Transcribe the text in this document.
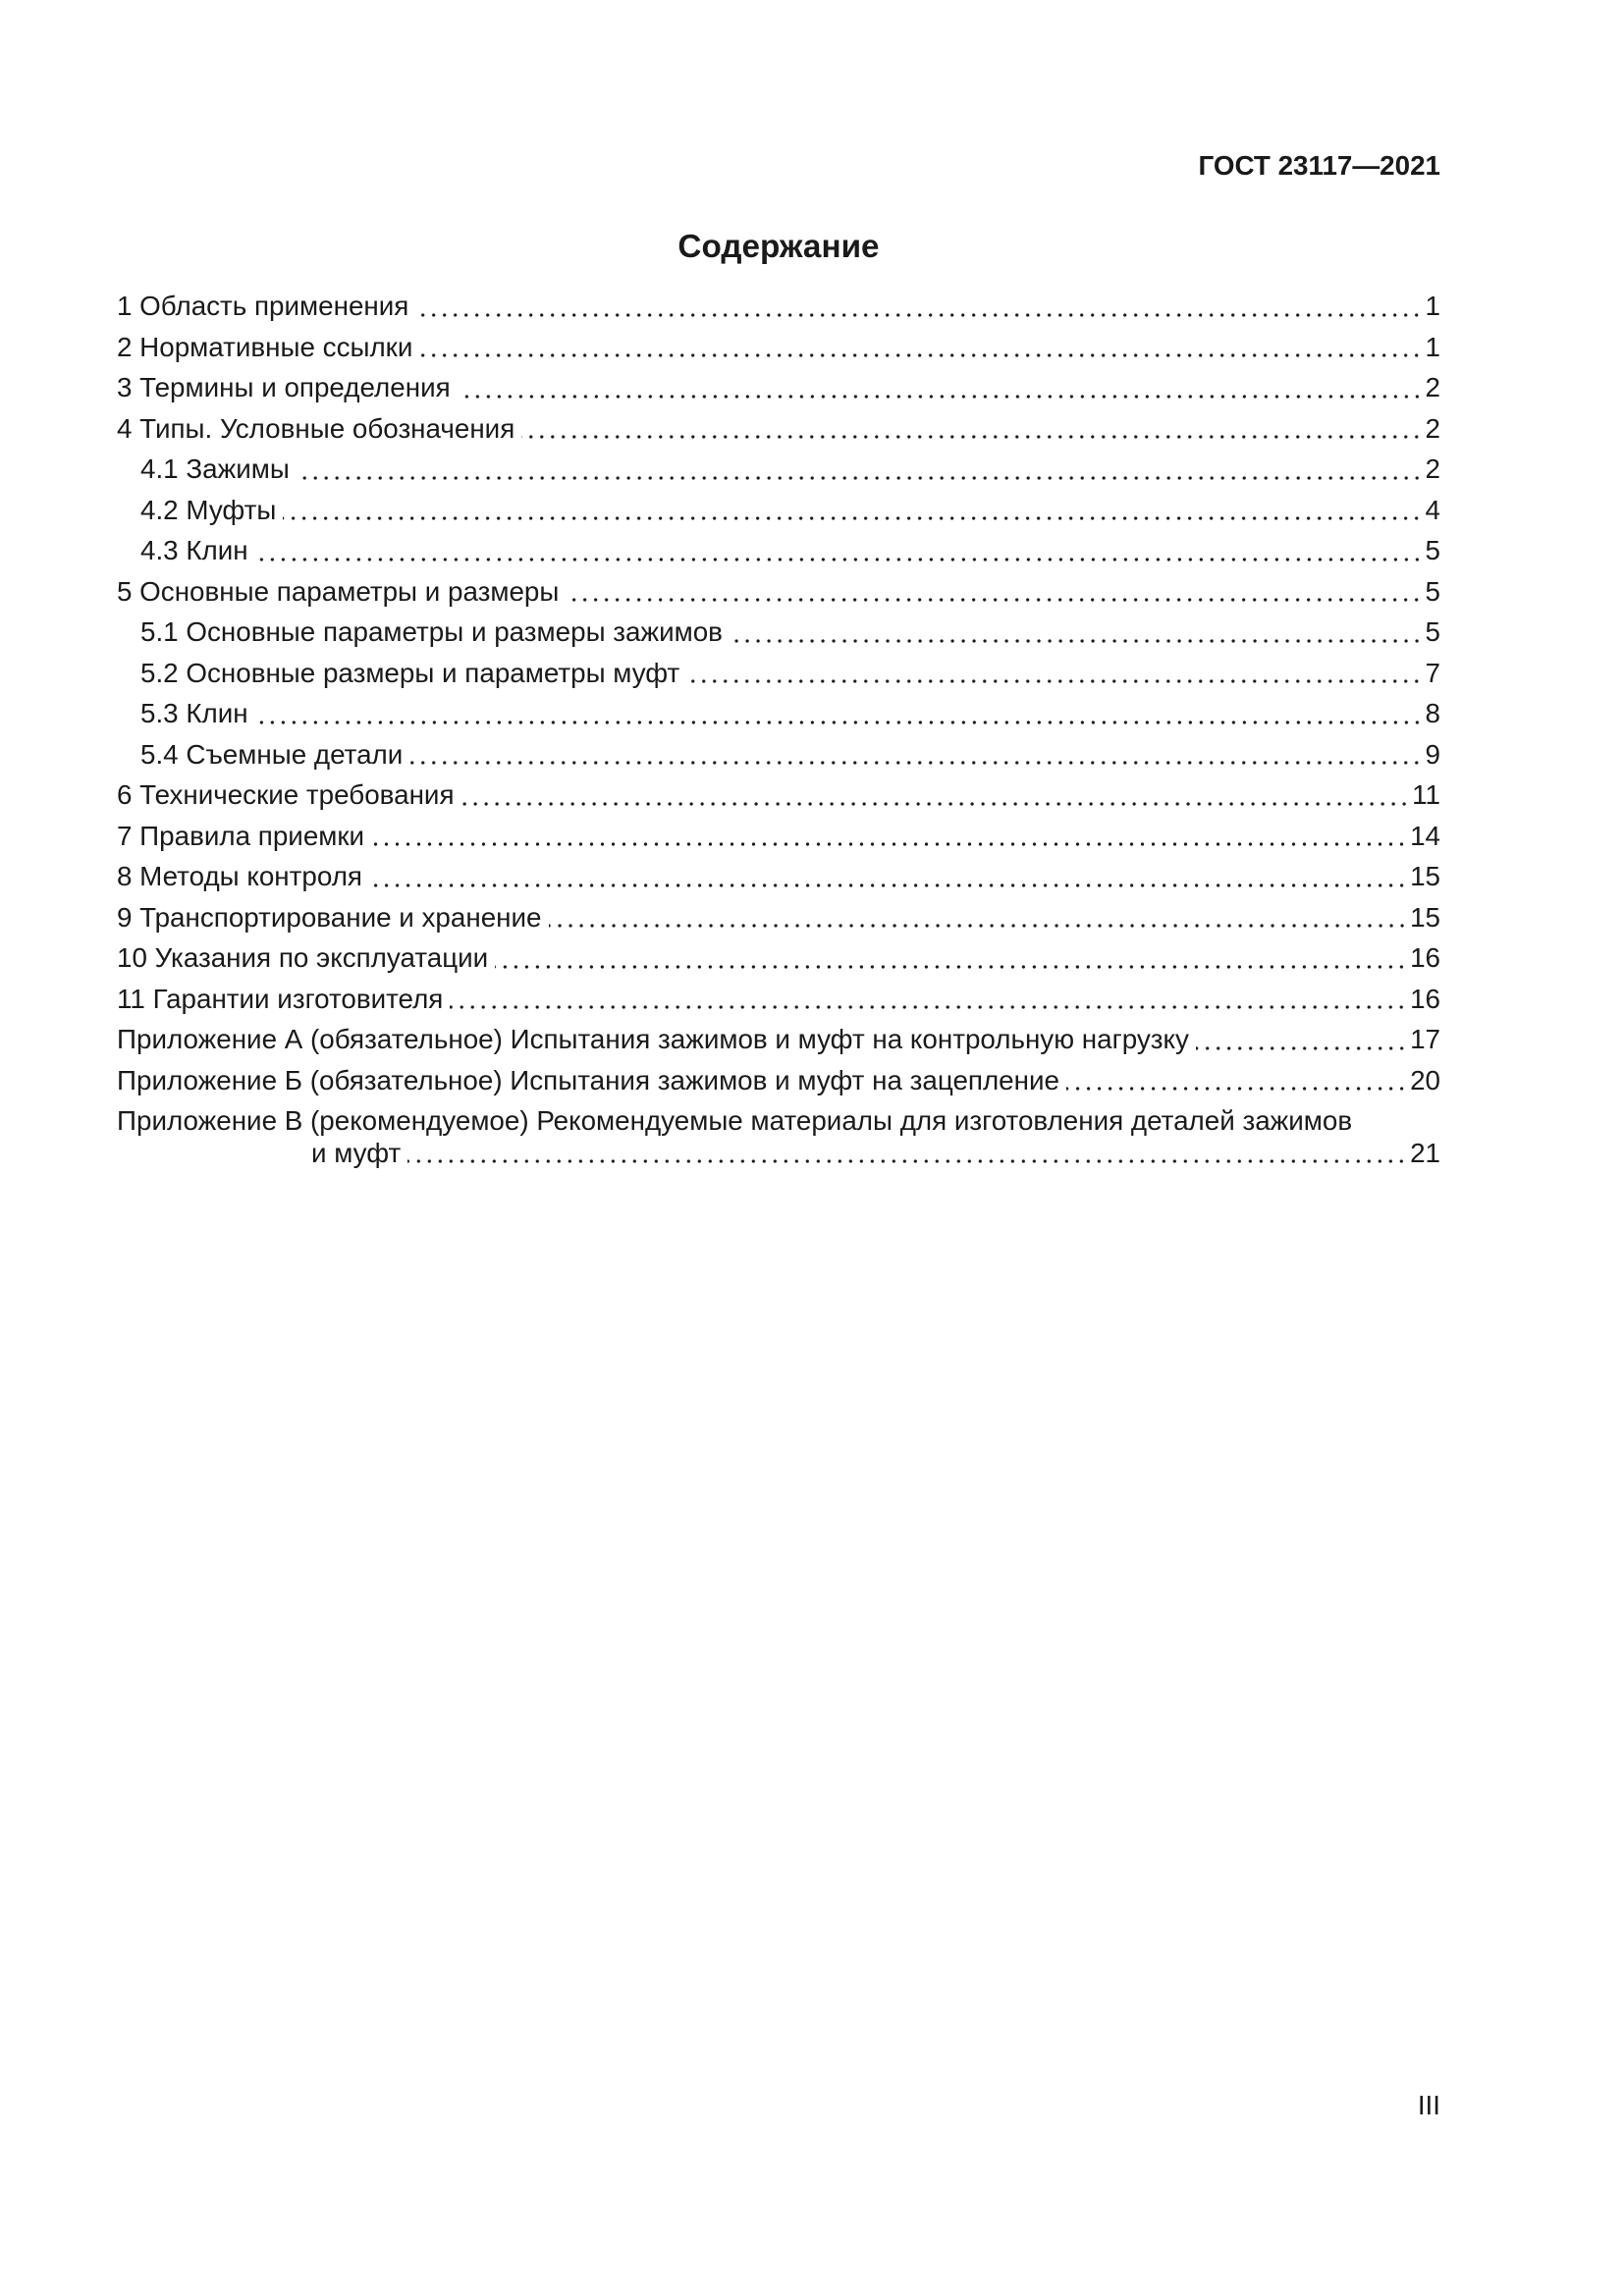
ГОСТ 23117—2021
Содержание
1 Область применения	1
2 Нормативные ссылки	1
3 Термины и определения	2
4 Типы. Условные обозначения	2
4.1 Зажимы	2
4.2 Муфты	4
4.3 Клин	5
5 Основные параметры и размеры	5
5.1 Основные параметры и размеры зажимов	5
5.2 Основные размеры и параметры муфт	7
5.3 Клин	8
5.4 Съемные детали	9
6 Технические требования	11
7 Правила приемки	14
8 Методы контроля	15
9 Транспортирование и хранение	15
10 Указания по эксплуатации	16
11 Гарантии изготовителя	16
Приложение А (обязательное) Испытания зажимов и муфт на контрольную нагрузку	17
Приложение Б (обязательное) Испытания зажимов и муфт на зацепление	20
Приложение В (рекомендуемое) Рекомендуемые материалы для изготовления деталей зажимов
и муфт	21
III
